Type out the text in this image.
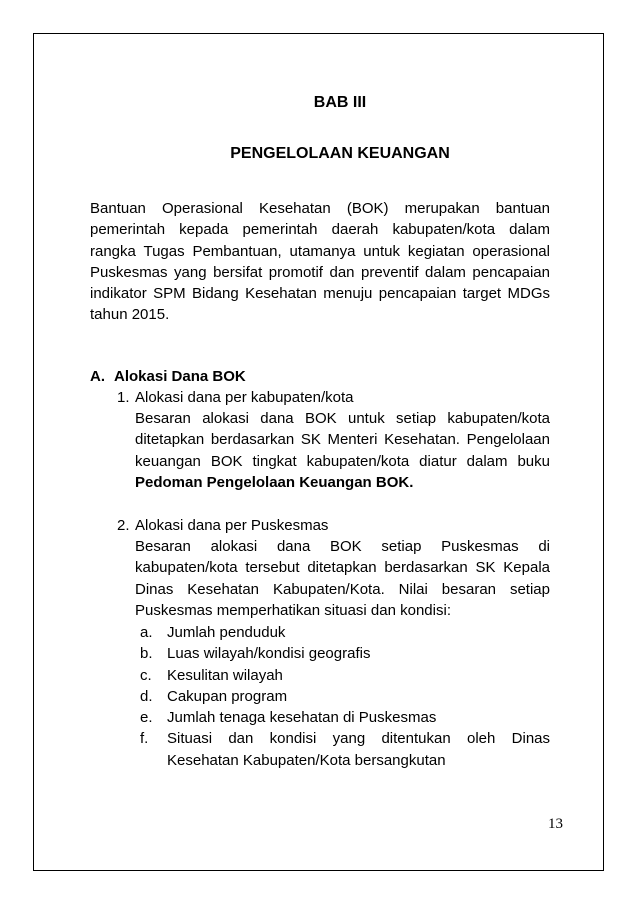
BAB III
PENGELOLAAN KEUANGAN

Bantuan Operasional Kesehatan (BOK) merupakan bantuan pemerintah kepada pemerintah daerah kabupaten/kota dalam rangka Tugas Pembantuan, utamanya untuk kegiatan operasional Puskesmas yang bersifat promotif dan preventif dalam pencapaian indikator SPM Bidang Kesehatan menuju pencapaian target MDGs tahun 2015.

A. Alokasi Dana BOK
1. Alokasi dana per kabupaten/kota

Besaran alokasi dana BOK untuk setiap kabupaten/kota ditetapkan berdasarkan SK Menteri Kesehatan. Pengelolaan keuangan BOK tingkat kabupaten/kota diatur dalam buku Pedoman Pengelolaan Keuangan BOK.

2. Alokasi dana per Puskesmas

Besaran alokasi dana BOK setiap Puskesmas di kabupaten/kota tersebut ditetapkan berdasarkan SK Kepala Dinas Kesehatan Kabupaten/Kota. Nilai besaran setiap Puskesmas memperhatikan situasi dan kondisi:

a. Jumlah penduduk
b. Luas wilayah/kondisi geografis
c. Kesulitan wilayah
d. Cakupan program
e. Jumlah tenaga kesehatan di Puskesmas
f. Situasi dan kondisi yang ditentukan oleh Dinas Kesehatan Kabupaten/Kota bersangkutan
13
